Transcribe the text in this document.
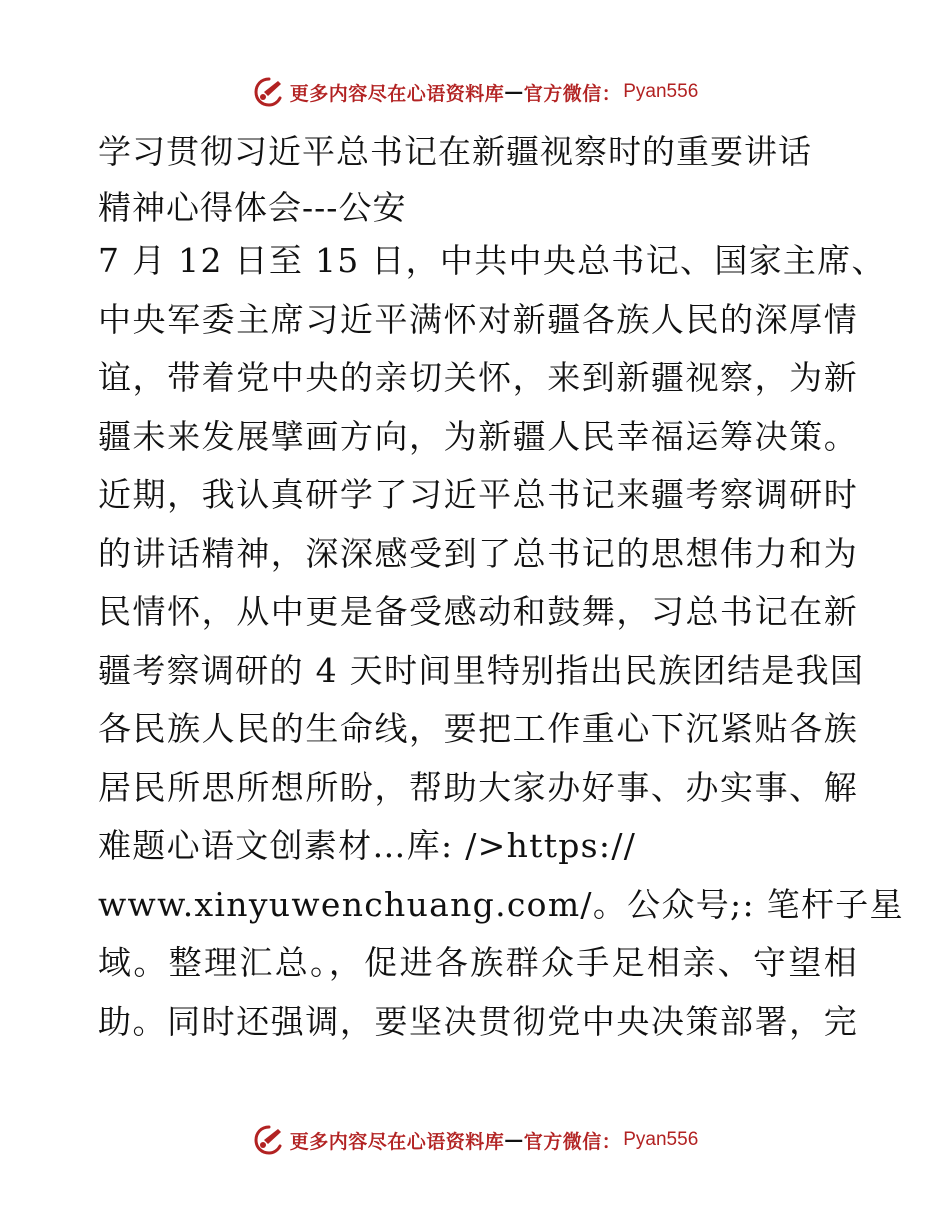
更多内容尽在心语资料库 — 官方微信： Pyan556
学习贯彻习近平总书记在新疆视察时的重要讲话
精神心得体会---公安
7 月 12 日至 15 日，中共中央总书记、国家主席、
中央军委主席习近平满怀对新疆各族人民的深厚情
谊，带着党中央的亲切关怀，来到新疆视察，为新
疆未来发展擘画方向，为新疆人民幸福运筹决策。
近期，我认真研学了习近平总书记来疆考察调研时
的讲话精神，深深感受到了总书记的思想伟力和为
民情怀，从中更是备受感动和鼓舞，习总书记在新
疆考察调研的 4 天时间里特别指出民族团结是我国
各民族人民的生命线，要把工作重心下沉紧贴各族
居民所思所想所盼，帮助大家办好事、办实事、解
难题心语文创素材…库: />https://
www.xinyuwenchuang.com/。公众号;: 笔杆子星
域。整理汇总。，促进各族群众手足相亲、守望相
助。同时还强调，要坚决贯彻党中央决策部署，完
更多内容尽在心语资料库 — 官方微信： Pyan556
